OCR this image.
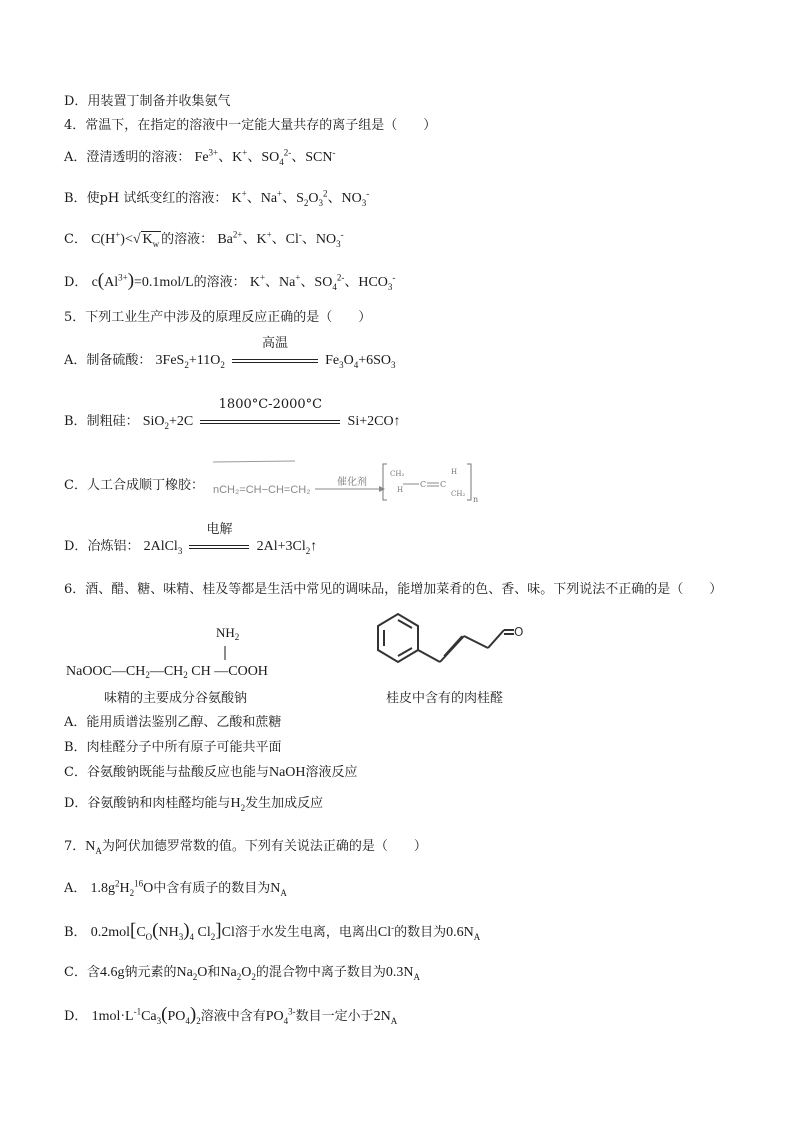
D．用装置丁制备并收集氨气
4．常温下，在指定的溶液中一定能大量共存的离子组是（　　）
A．澄清透明的溶液： $Fe^{3+}$、K+、$SO_4^{2-}$、SCN-
B．使pH 试纸变红的溶液： K+、Na+、$S_2O_3^2$、$NO_3^-$
C． C(H+)<√ $K_w$ 的溶液： $Ba^{2+}$、K+、Cl-、$NO_3^-$
D． $c(Al^{3+})=0.1mol/L$的溶液： K+、Na+、$SO_4^{2-}$、$HCO_3^-$
5．下列工业生产中涉及的原理反应正确的是（　　）
A．制备硫酸： $3FeS_2+11O_2$
高温
$Fe_3O_4+6SO_3$
B．制粗硅： SiO$_2$+2C
1800°C-2000°C
Si+2CO↑
C．人工合成顺丁橡胶： nCH₂=CH−CH=CH₂
催化剂
CH₂
H
C C
H
CH₂
n
D．冶炼铝： 2AlCl$_3$
电解
$2Al+3Cl_2↑$
6．酒、醋、糖、味精、桂及等都是生活中常见的调味品，能增加菜肴的色、香、味。下列说法不正确的是（　　）
$NH_2$
$NaOOC—CH_2—CH_2$ CH —COOH
O
味精的主要成分谷氨酸钠	桂皮中含有的肉桂醛
A．能用质谱法鉴别乙醇、乙酸和蔗糖
B．肉桂醛分子中所有原子可能共平面
C．谷氨酸钠既能与盐酸反应也能与NaOH溶液反应
D．谷氨酸钠和肉桂醛均能与$H_2$发生加成反应
7．$N_A$为阿伏加德罗常数的值。下列有关说法正确的是（　　）
A． $1.8g^2H_2^{16}O$中含有质子的数目为$N_A$
B． $0.2mol[C_O(NH_3)_4$ $Cl_2]Cl$溶于水发生电离，电离出Cl-的数目为$0.6N_A$
C．含4.6g钠元素的$Na_2O$和$Na_2O_2$的混合物中离子数目为$0.3N_A$
D． $1mol\cdot L^{-1}Ca_3(PO_4)_2$溶液中含有$PO_4^{3-}$数目一定小于$2N_A$
